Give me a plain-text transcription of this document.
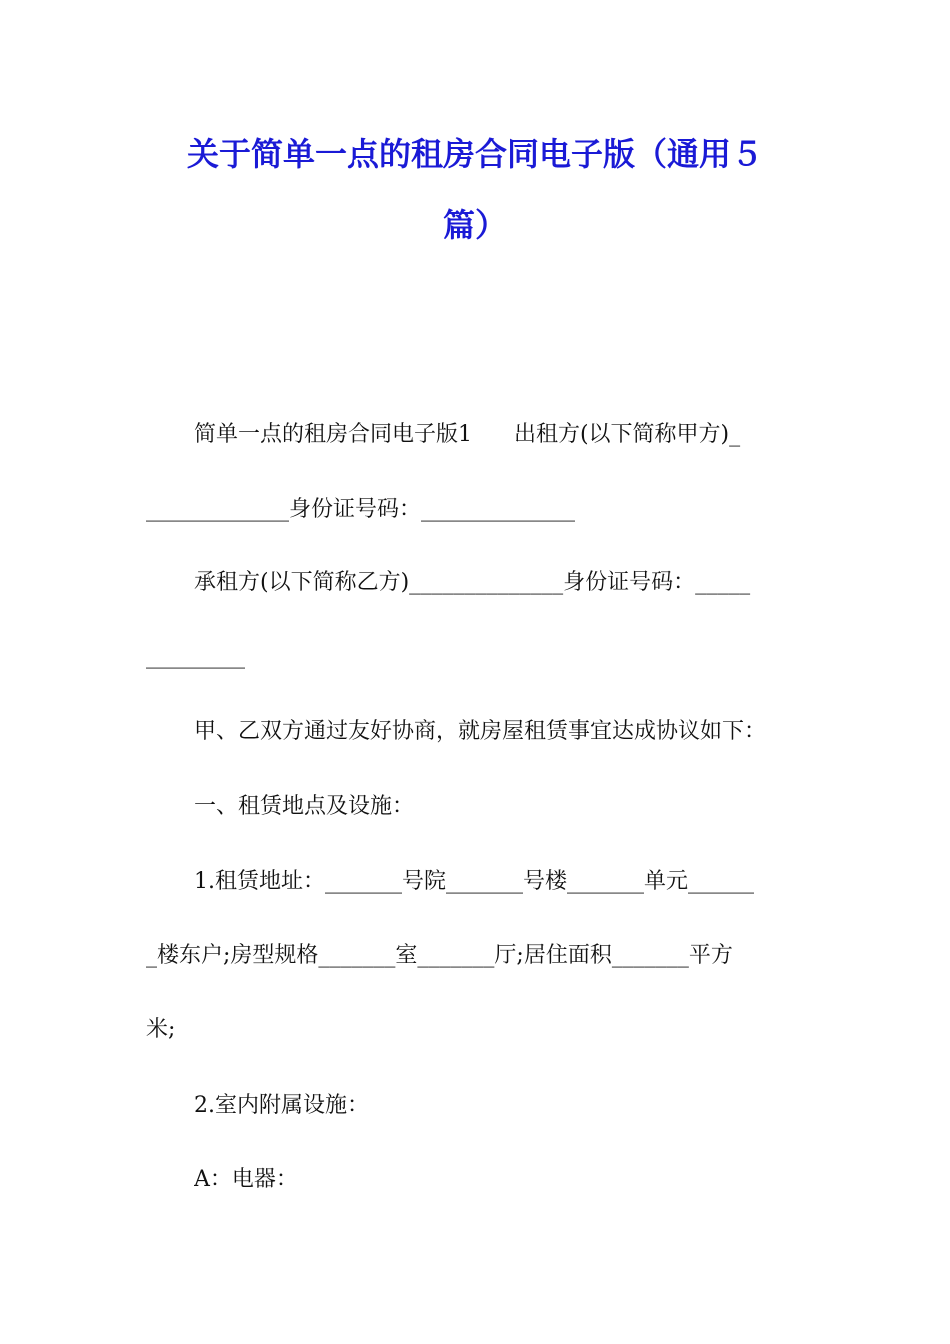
关于简单一点的租房合同电子版（通用５
篇）
简单一点的租房合同电子版1      出租方(以下简称甲方)_
_____________身份证号码：______________
承租方(以下简称乙方)______________身份证号码：_____
_________
甲、乙双方通过友好协商，就房屋租赁事宜达成协议如下：
一、租赁地点及设施：
1.租赁地址：_______号院_______号楼_______单元______
_楼东户;房型规格_______室_______厅;居住面积_______平方
米;
2.室内附属设施：
A：电器：
